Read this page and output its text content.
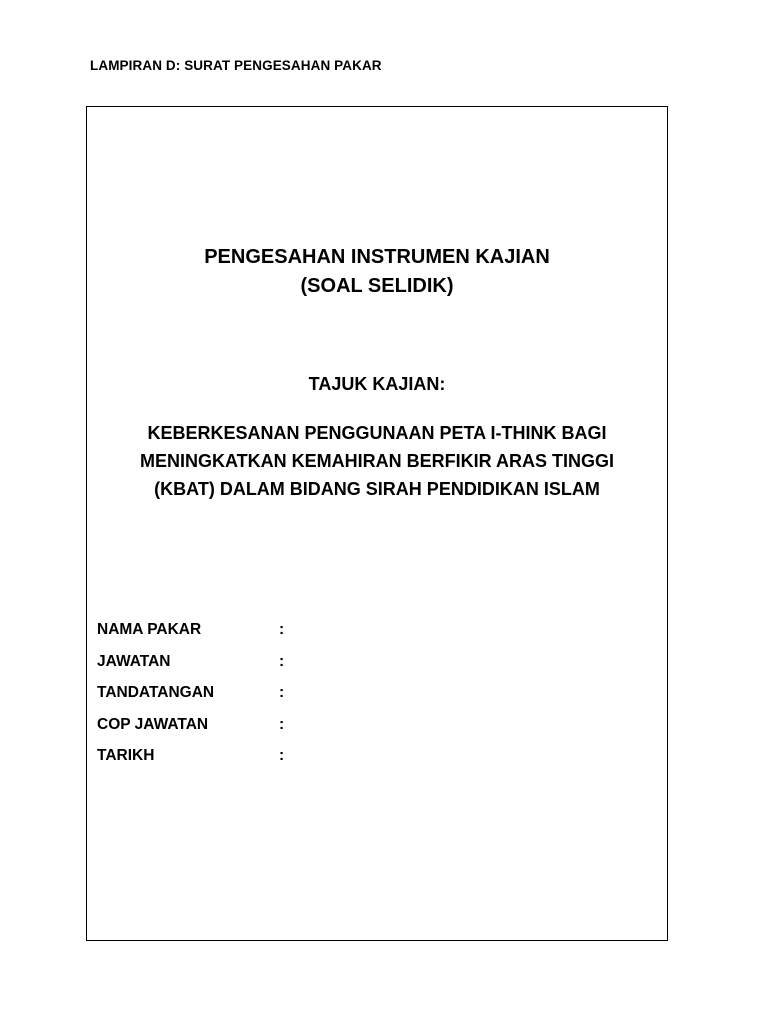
LAMPIRAN D: SURAT PENGESAHAN PAKAR
PENGESAHAN INSTRUMEN KAJIAN
(SOAL SELIDIK)
TAJUK KAJIAN:
KEBERKESANAN PENGGUNAAN PETA I-THINK BAGI
MENINGKATKAN KEMAHIRAN BERFIKIR ARAS TINGGI
(KBAT) DALAM BIDANG SIRAH PENDIDIKAN ISLAM
NAMA PAKAR	:
JAWATAN	:
TANDATANGAN	:
COP JAWATAN	:
TARIKH	:
